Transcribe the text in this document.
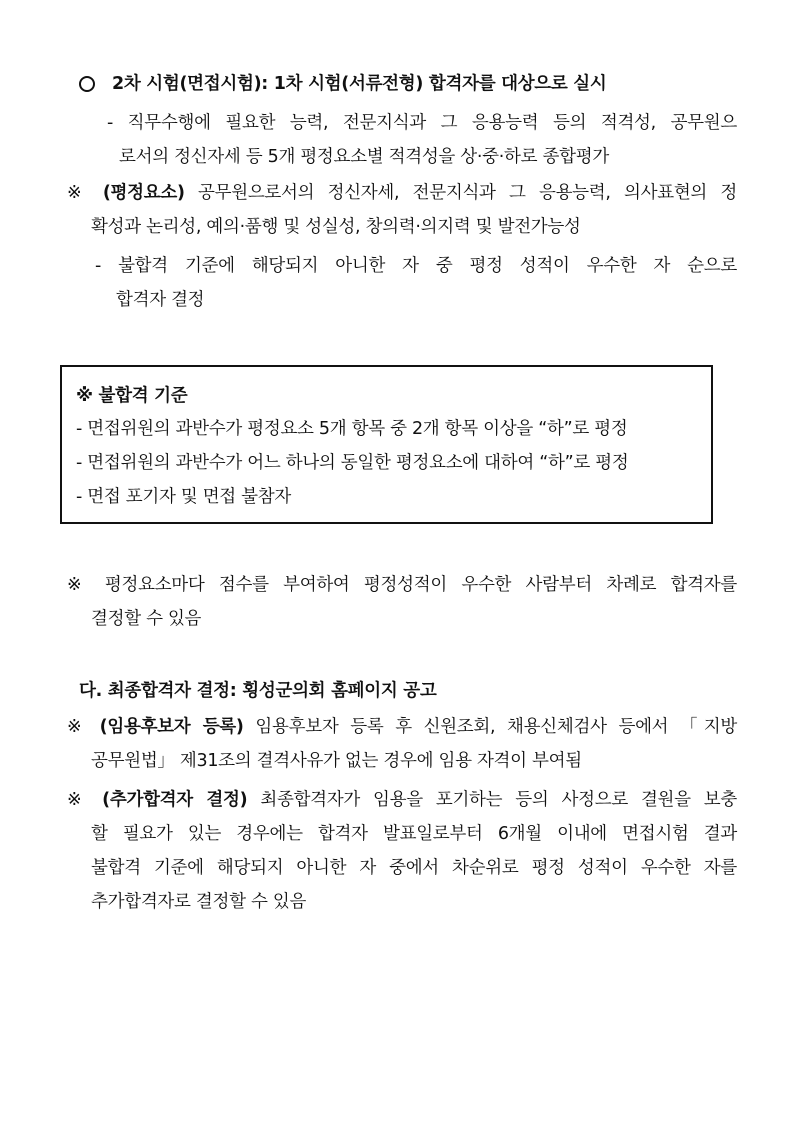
2차 시험(면접시험): 1차 시험(서류전형) 합격자를 대상으로 실시
- 직무수행에 필요한 능력, 전문지식과 그 응용능력 등의 적격성, 공무원으
로서의 정신자세 등 5개 평정요소별 적격성을 상·중·하로 종합평가
※ (평정요소) 공무원으로서의 정신자세, 전문지식과 그 응용능력, 의사표현의 정
확성과 논리성, 예의·품행 및 성실성, 창의력·의지력 및 발전가능성
- 불합격 기준에 해당되지 아니한 자 중 평정 성적이 우수한 자 순으로
합격자 결정
※ 불합격 기준
- 면접위원의 과반수가 평정요소 5개 항목 중 2개 항목 이상을 “하”로 평정
- 면접위원의 과반수가 어느 하나의 동일한 평정요소에 대하여 “하”로 평정
- 면접 포기자 및 면접 불참자
※ 평정요소마다 점수를 부여하여 평정성적이 우수한 사람부터 차례로 합격자를
결정할 수 있음
다. 최종합격자 결정: 횡성군의회 홈페이지 공고
※ (임용후보자 등록) 임용후보자 등록 후 신원조회, 채용신체검사 등에서 「지방
공무원법」 제31조의 결격사유가 없는 경우에 임용 자격이 부여됨
※ (추가합격자 결정) 최종합격자가 임용을 포기하는 등의 사정으로 결원을 보충
할 필요가 있는 경우에는 합격자 발표일로부터 6개월 이내에 면접시험 결과
불합격 기준에 해당되지 아니한 자 중에서 차순위로 평정 성적이 우수한 자를
추가합격자로 결정할 수 있음
